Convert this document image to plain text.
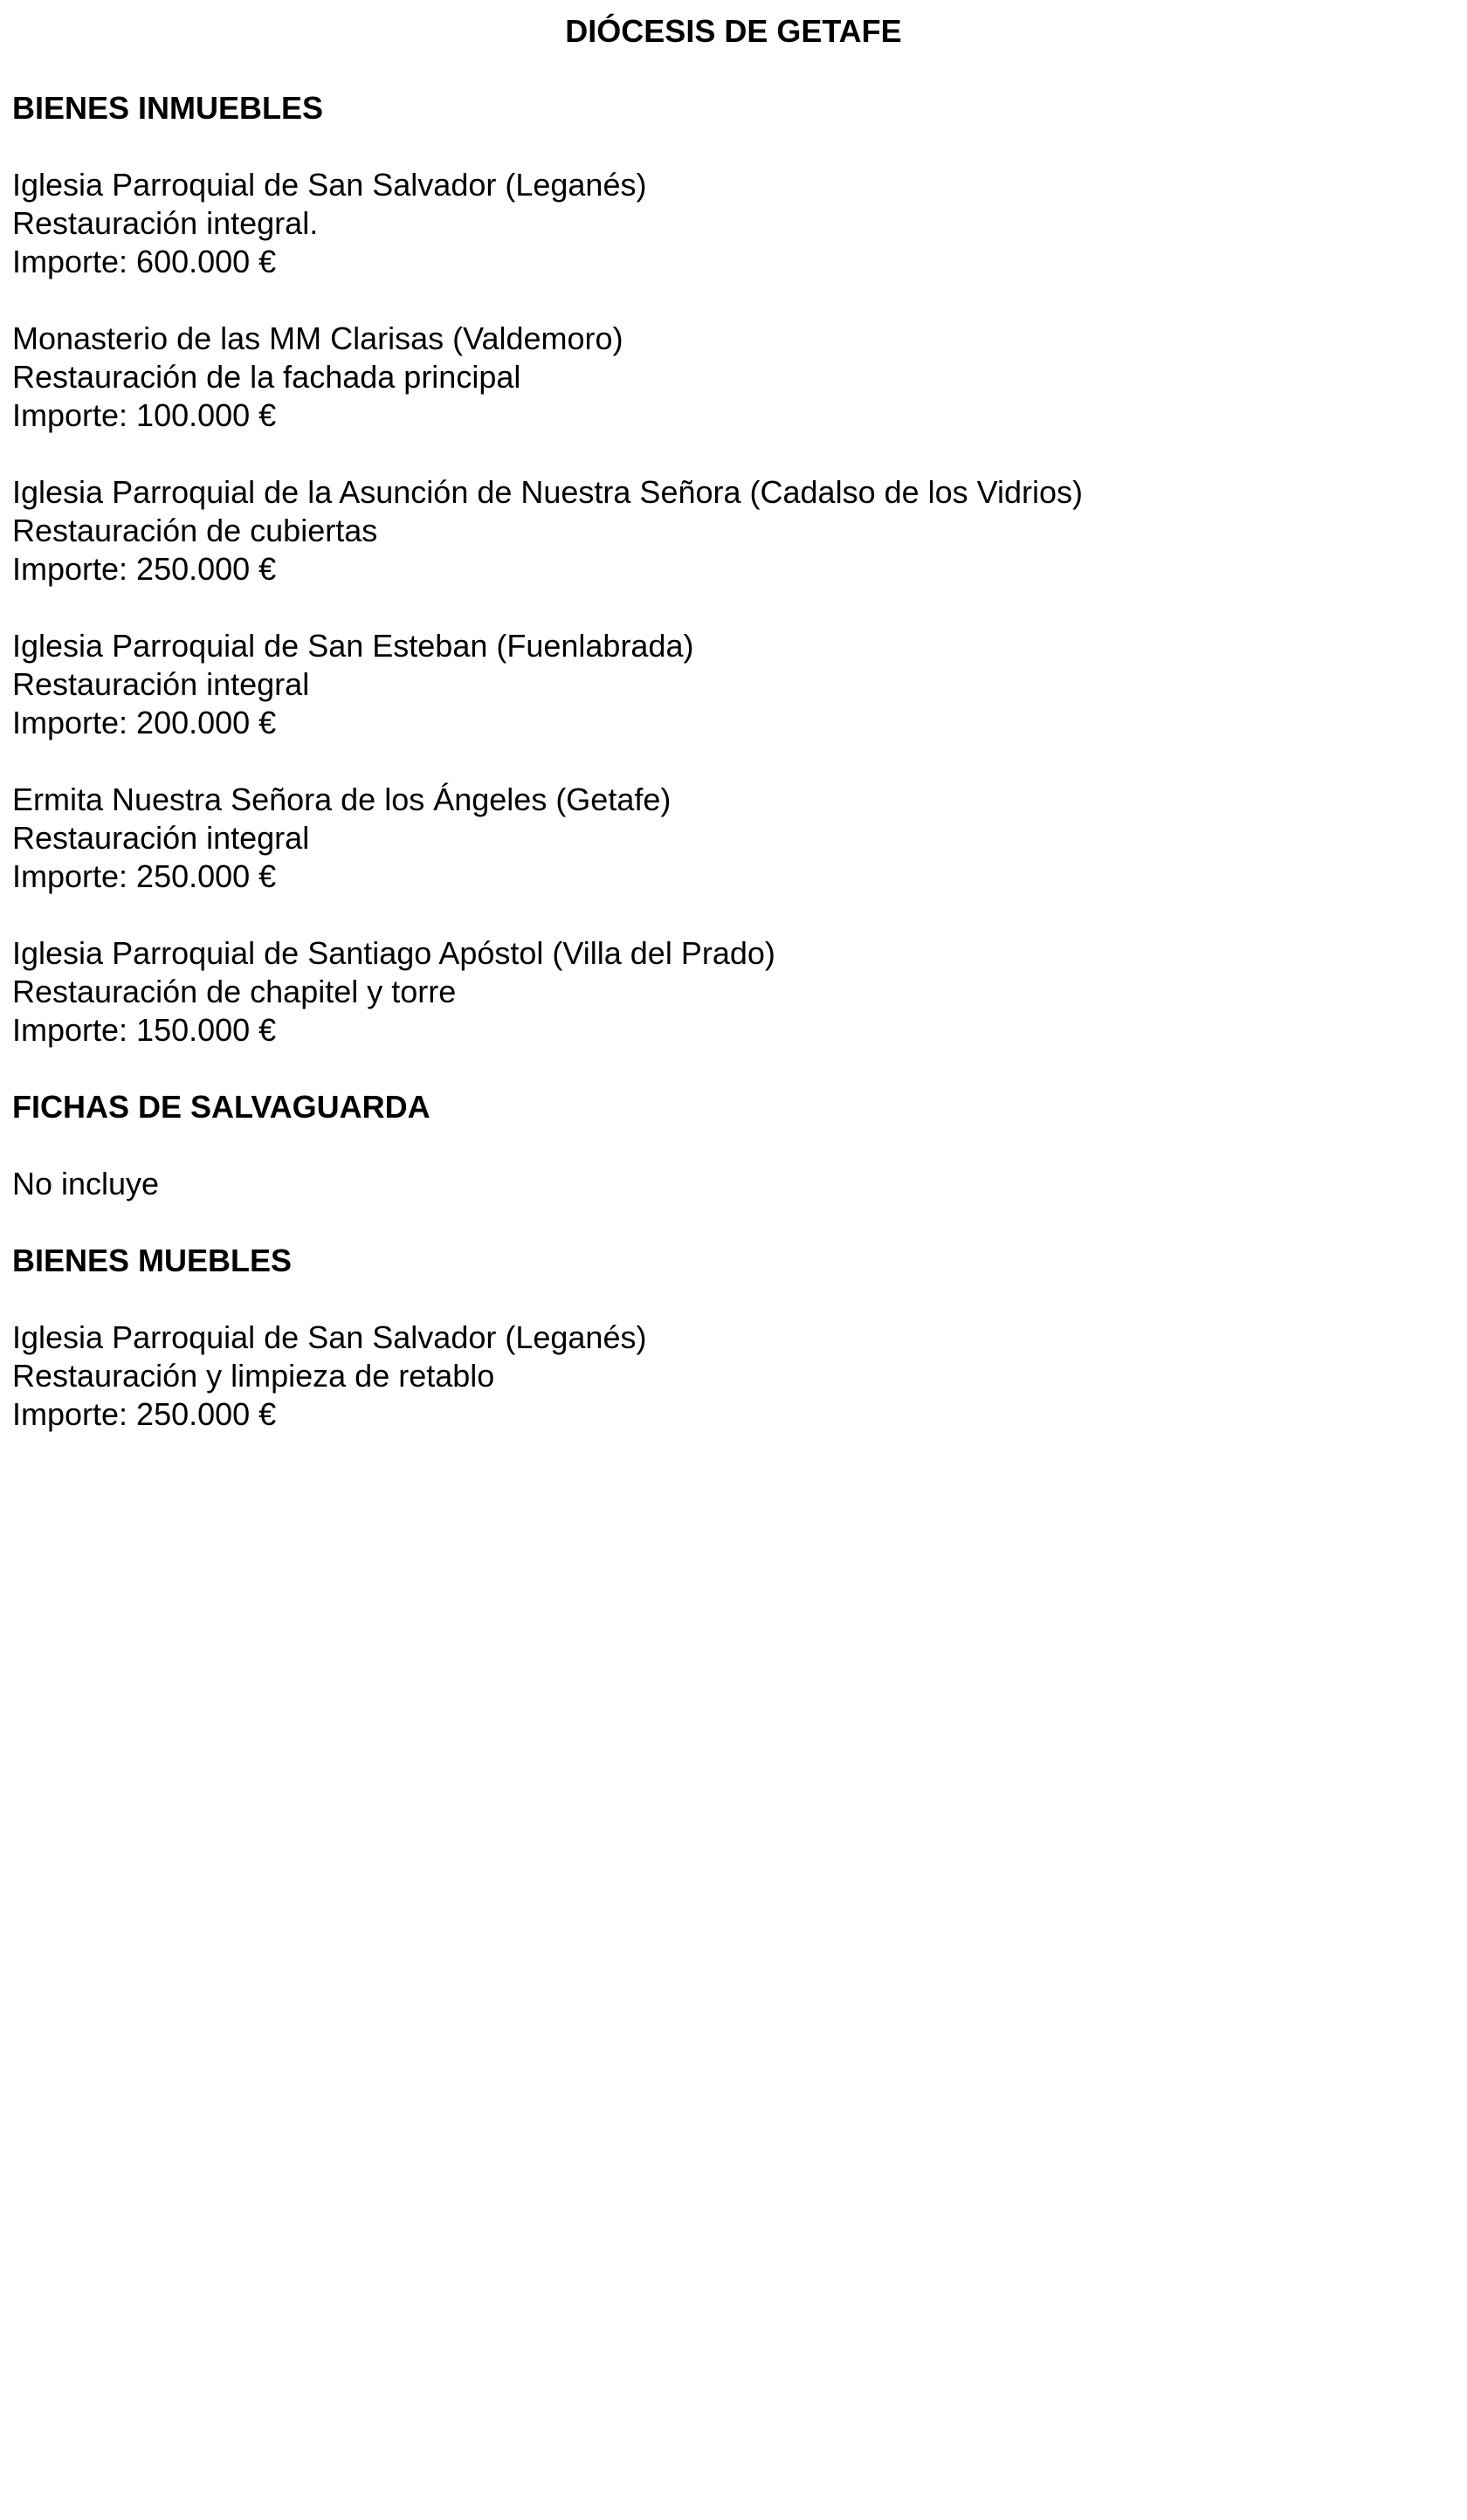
DIÓCESIS DE GETAFE
BIENES INMUEBLES

Iglesia Parroquial de San Salvador (Leganés)

Restauración integral.

Importe: 600.000 €

Monasterio de las MM Clarisas (Valdemoro)

Restauración de la fachada principal

Importe: 100.000 €

Iglesia Parroquial de la Asunción de Nuestra Señora (Cadalso de los Vidrios)

Restauración de cubiertas

Importe: 250.000 €

Iglesia Parroquial de San Esteban (Fuenlabrada)

Restauración integral

Importe: 200.000 €

Ermita Nuestra Señora de los Ángeles (Getafe)

Restauración integral

Importe: 250.000 €

Iglesia Parroquial de Santiago Apóstol (Villa del Prado)

Restauración de chapitel y torre

Importe: 150.000 €

FICHAS DE SALVAGUARDA

No incluye

BIENES MUEBLES

Iglesia Parroquial de San Salvador (Leganés)

Restauración y limpieza de retablo

Importe: 250.000 €
